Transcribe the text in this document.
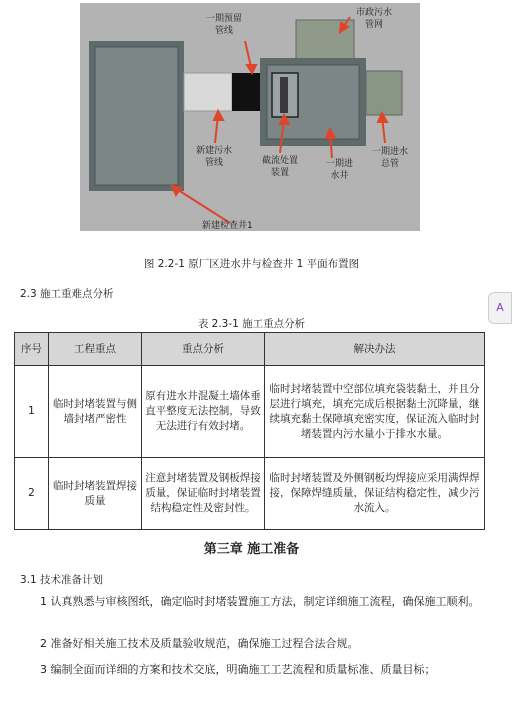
一期预留
管线
市政污水
管网
新建污水
管线	截流处置
装置
一期进
水井
一期进水
总管
新建检查井1
图 2.2-1 原厂区进水井与检查井 1 平面布置图
2.3 施工重难点分析
A
表 2.3-1 施工重点分析
序号	工程重点	重点分析	解决办法
1	临时封堵装置与侧墙封堵严密性	原有进水井混凝土墙体垂直平整度无法控制，导致无法进行有效封堵。	临时封堵装置中空部位填充袋装黏土，并且分层进行填充，填充完成后根据黏土沉降量，继续填充黏土保障填充密实度，保证流入临时封堵装置内污水量小于排水水量。
2	临时封堵装置焊接质量	注意封堵装置及钢板焊接质量，保证临时封堵装置结构稳定性及密封性。	临时封堵装置及外侧钢板均焊接应采用满焊焊接，保障焊缝质量，保证结构稳定性，减少污水流入。
第三章 施工准备
3.1 技术准备计划
1 认真熟悉与审核图纸，确定临时封堵装置施工方法，制定详细施工流程，确保施工顺利。
2 准备好相关施工技术及质量验收规范，确保施工过程合法合规。
3 编制全面而详细的方案和技术交底，明确施工工艺流程和质量标准、质量目标；
